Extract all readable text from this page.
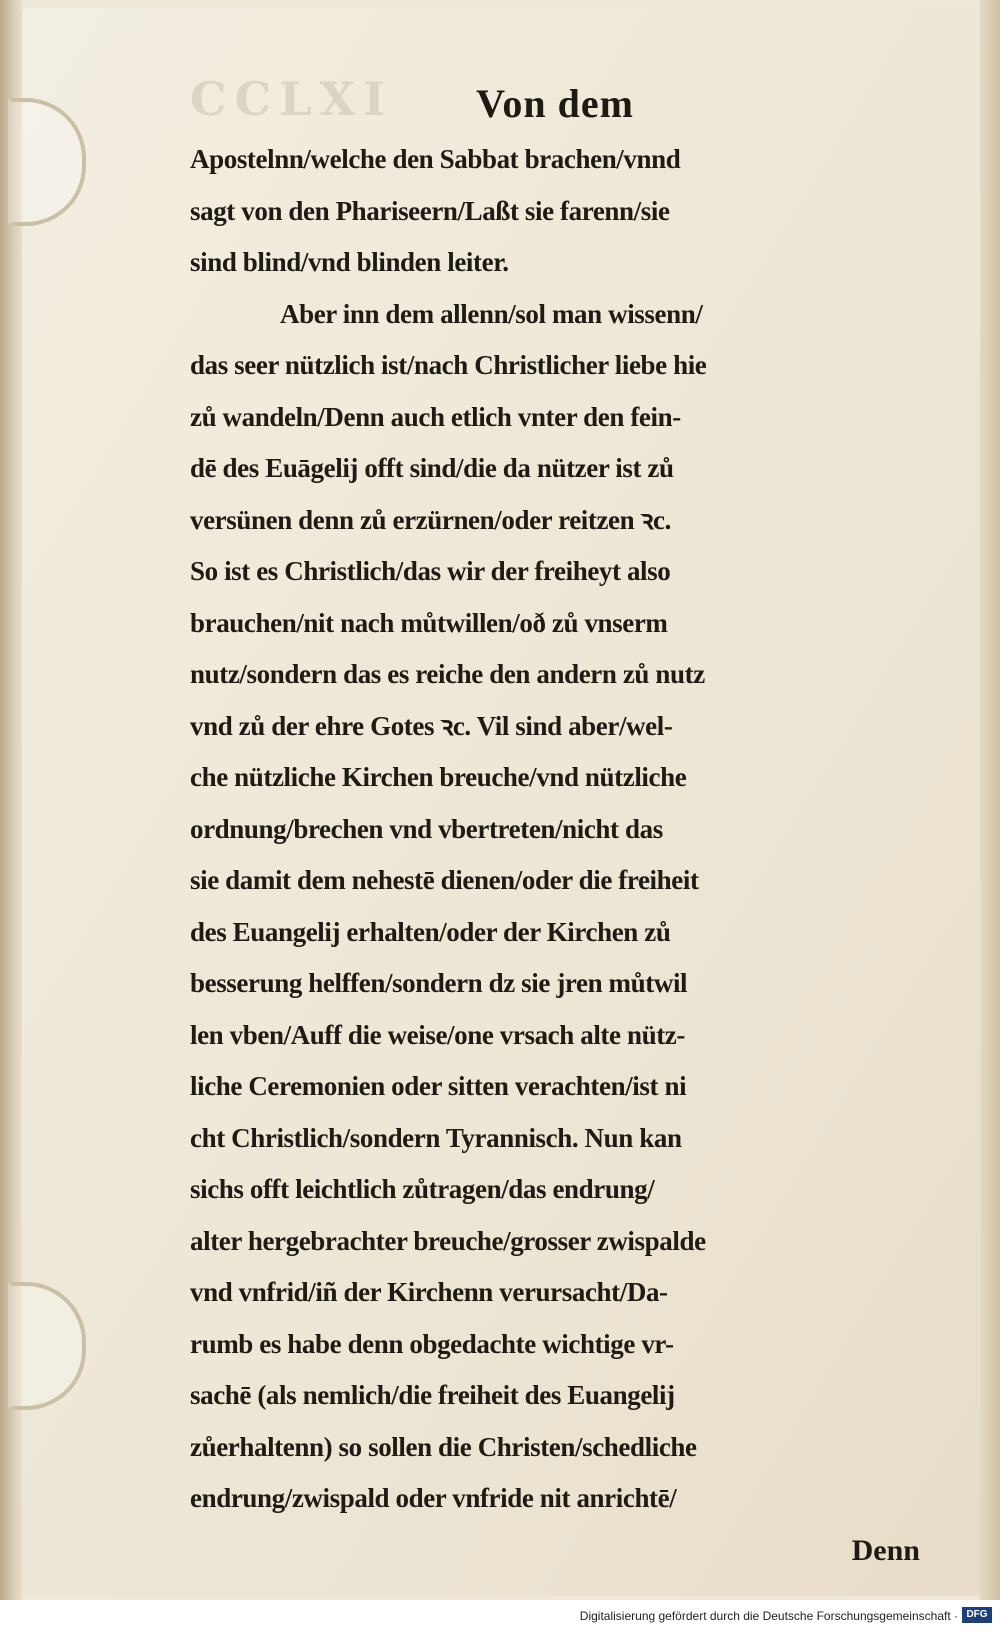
CCLXI	Von dem
Apostelnn/welche den Sabbat brachen/vnnd
sagt von den Phariseern/Laßt sie farenn/sie
sind blind/vnd blinden leiter.
Aber inn dem allenn/sol man wissenn/
das seer nützlich ist/nach Christlicher liebe hie
zů wandeln/Denn auch etlich vnter den fein-
dē des Euāgelij offt sind/die da nützer ist zů
versünen denn zů erzürnen/oder reitzen ꝛc.
So ist es Christlich/das wir der freiheyt also
brauchen/nit nach můtwillen/oð zů vnserm
nutz/sondern das es reiche den andern zů nutz
vnd zů der ehre Gotes ꝛc. Vil sind aber/wel-
che nützliche Kirchen breuche/vnd nützliche
ordnung/brechen vnd vbertreten/nicht das
sie damit dem nehestē dienen/oder die freiheit
des Euangelij erhalten/oder der Kirchen zů
besserung helffen/sondern dz sie jren můtwil
len vben/Auff die weise/one vrsach alte nütz-
liche Ceremonien oder sitten verachten/ist ni
cht Christlich/sondern Tyrannisch. Nun kan
sichs offt leichtlich zůtragen/das endrung/
alter hergebrachter breuche/grosser zwispalde
vnd vnfrid/iñ der Kirchenn verursacht/Da-
rumb es habe denn obgedachte wichtige vr-
sachē (als nemlich/die freiheit des Euangelij
zůerhaltenn) so sollen die Christen/schedliche
endrung/zwispald oder vnfride nit anrichtē/
Denn
Digitalisierung gefördert durch die Deutsche Forschungsgemeinschaft · DFG
